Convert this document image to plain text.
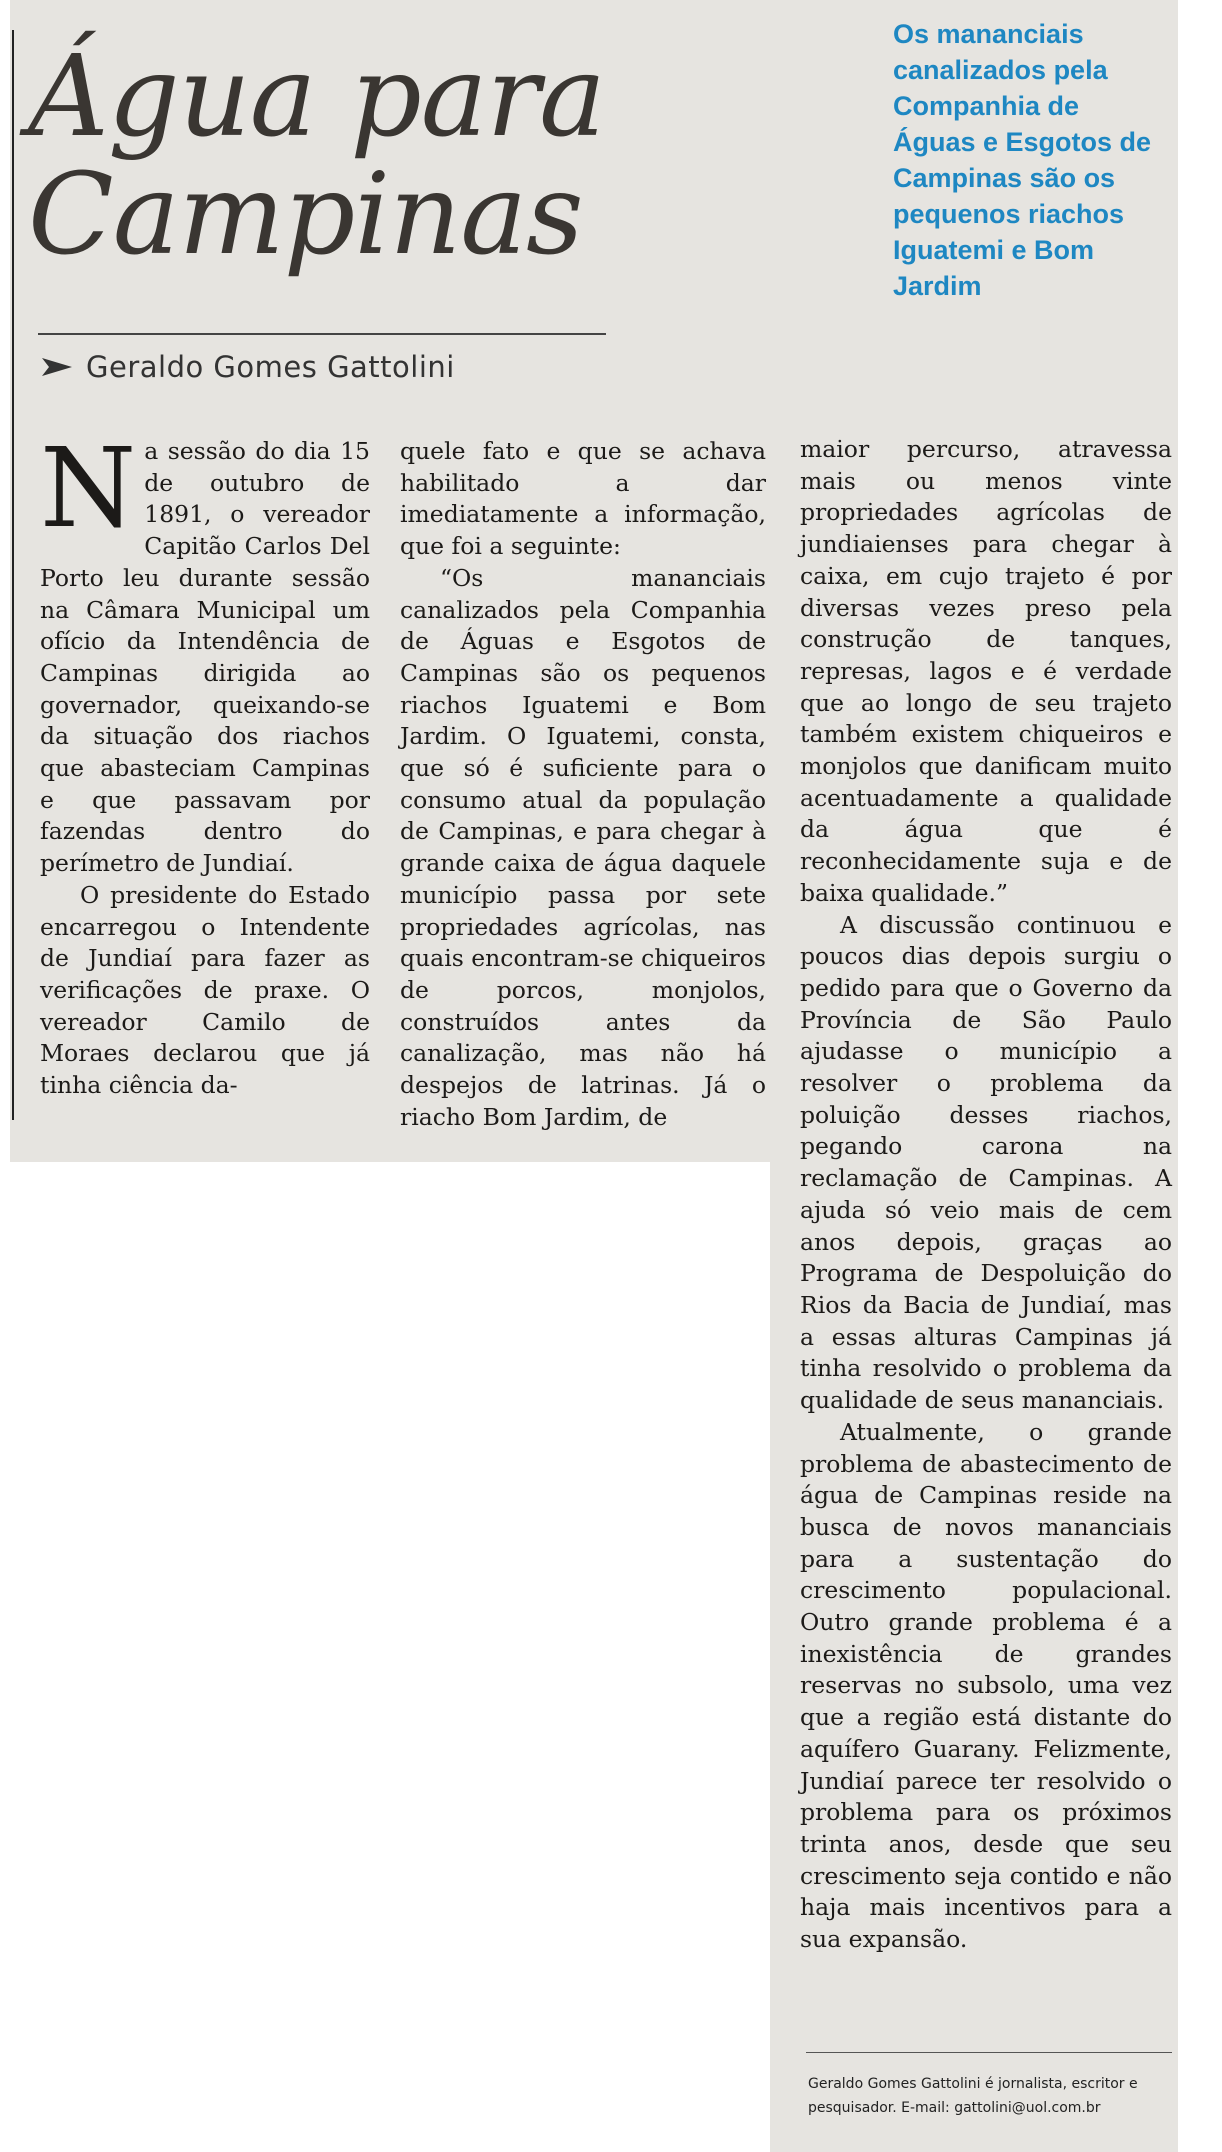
Água para Campinas
Geraldo Gomes Gattolini

Os mananciais canalizados pela Companhia de Águas e Esgotos de Campinas são os pequenos riachos Iguatemi e Bom Jardim

N a sessão do dia 15 de outubro de 1891, o vereador Capitão Carlos Del Porto leu durante sessão na Câmara Municipal um ofício da Intendência de Campinas dirigida ao governador, queixando-se da situação dos riachos que abasteciam Campinas e que passavam por fazendas dentro do perímetro de Jundiaí.

O presidente do Estado encarregou o Intendente de Jundiaí para fazer as verificações de praxe. O vereador Camilo de Moraes declarou que já tinha ciência da-

quele fato e que se achava habilitado a dar imediatamente a informação, que foi a seguinte:

“Os mananciais canalizados pela Companhia de Águas e Esgotos de Campinas são os pequenos riachos Iguatemi e Bom Jardim. O Iguatemi, consta, que só é suficiente para o consumo atual da população de Campinas, e para chegar à grande caixa de água daquele município passa por sete propriedades agrícolas, nas quais encontram-se chiqueiros de porcos, monjolos, construídos antes da canalização, mas não há despejos de latrinas. Já o riacho Bom Jardim, de

maior percurso, atravessa mais ou menos vinte propriedades agrícolas de jundiaienses para chegar à caixa, em cujo trajeto é por diversas vezes preso pela construção de tanques, represas, lagos e é verdade que ao longo de seu trajeto também existem chiqueiros e monjolos que danificam muito acentuadamente a qualidade da água que é reconhecidamente suja e de baixa qualidade.”

A discussão continuou e poucos dias depois surgiu o pedido para que o Governo da Província de São Paulo ajudasse o município a resolver o problema da poluição desses riachos, pegando carona na reclamação de Campinas. A ajuda só veio mais de cem anos depois, graças ao Programa de Despoluição do Rios da Bacia de Jundiaí, mas a essas alturas Campinas já tinha resolvido o problema da qualidade de seus mananciais.

Atualmente, o grande problema de abastecimento de água de Campinas reside na busca de novos mananciais para a sustentação do crescimento populacional. Outro grande problema é a inexistência de grandes reservas no subsolo, uma vez que a região está distante do aquífero Guarany. Felizmente, Jundiaí parece ter resolvido o problema para os próximos trinta anos, desde que seu crescimento seja contido e não haja mais incentivos para a sua expansão.

Geraldo Gomes Gattolini é jornalista, escritor e pesquisador. E-mail: gattolini@uol.com.br
